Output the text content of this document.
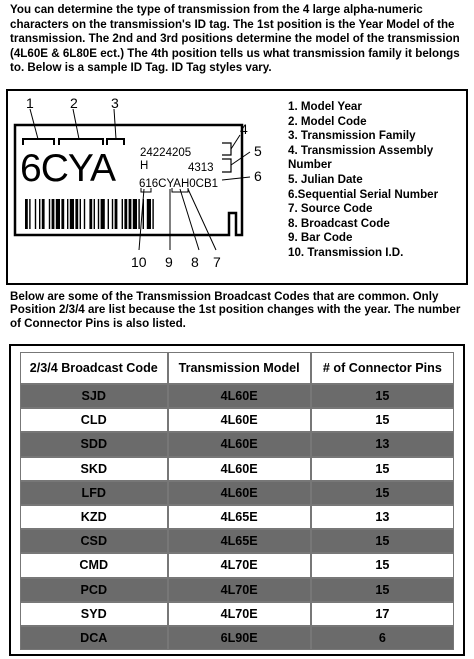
You can determine the type of transmission from the 4 large alpha-numeric characters on the transmission's ID tag. The 1st position is the Year Model of the transmission. The 2nd and 3rd positions determine the model of the transmission (4L60E & 6L80E ect.) The 4th position tells us what transmission family it belongs to. Below is a sample ID Tag. ID Tag styles vary.

1	2 3
6CYA 24224205
H	4313
616CYAH0CB1
4
5
6
10 9 8 7
1. Model Year
2. Model Code
3. Transmission Family
4. Transmission Assembly Number
5. Julian Date
6.Sequential Serial Number
7. Source Code
8. Broadcast Code
9. Bar Code
10. Transmission I.D.

Below are some of the Transmission Broadcast Codes that are common. Only Position 2/3/4 are list because the 1st position changes with the year. The number of Connector Pins is also listed.

2/3/4 Broadcast Code	Transmission Model	# of Connector Pins
SJD	4L60E	15
CLD	4L60E	15
SDD	4L60E	13
SKD	4L60E	15
LFD	4L60E	15
KZD	4L65E	13
CSD	4L65E	15
CMD	4L70E	15
PCD	4L70E	15
SYD	4L70E	17
DCA	6L90E	6
